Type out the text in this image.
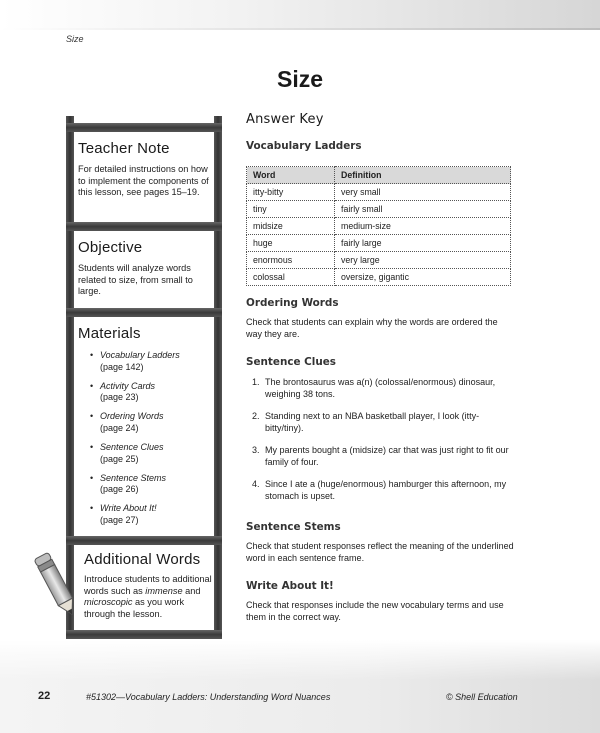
Size
Size
Teacher Note

For detailed instructions on how to implement the components of this lesson, see pages 15–19.

Objective

Students will analyze words related to size, from small to large.

Materials
• Vocabulary Ladders
(page 142)
• Activity Cards
(page 23)
• Ordering Words
(page 24)
• Sentence Clues
(page 25)
• Sentence Stems
(page 26)
• Write About It!
(page 27)
Additional Words

Introduce students to additional words such as immense and microscopic as you work through the lesson.

Answer Key
Vocabulary Ladders
Word	Definition
itty-bitty	very small
tiny	fairly small
midsize	medium-size
huge	fairly large
enormous	very large
colossal	oversize, gigantic
Ordering Words
Check that students can explain why the words are ordered the way they are.
Sentence Clues
1. The brontosaurus was a(n) (colossal/enormous) dinosaur, weighing 38 tons.
2. Standing next to an NBA basketball player, I look (itty-bitty/tiny).
3. My parents bought a (midsize) car that was just right to fit our family of four.
4. Since I ate a (huge/enormous) hamburger this afternoon, my stomach is upset.
Sentence Stems
Check that student responses reflect the meaning of the underlined word in each sentence frame.
Write About It!
Check that responses include the new vocabulary terms and use them in the correct way.
22	#51302—Vocabulary Ladders: Understanding Word Nuances	© Shell Education
